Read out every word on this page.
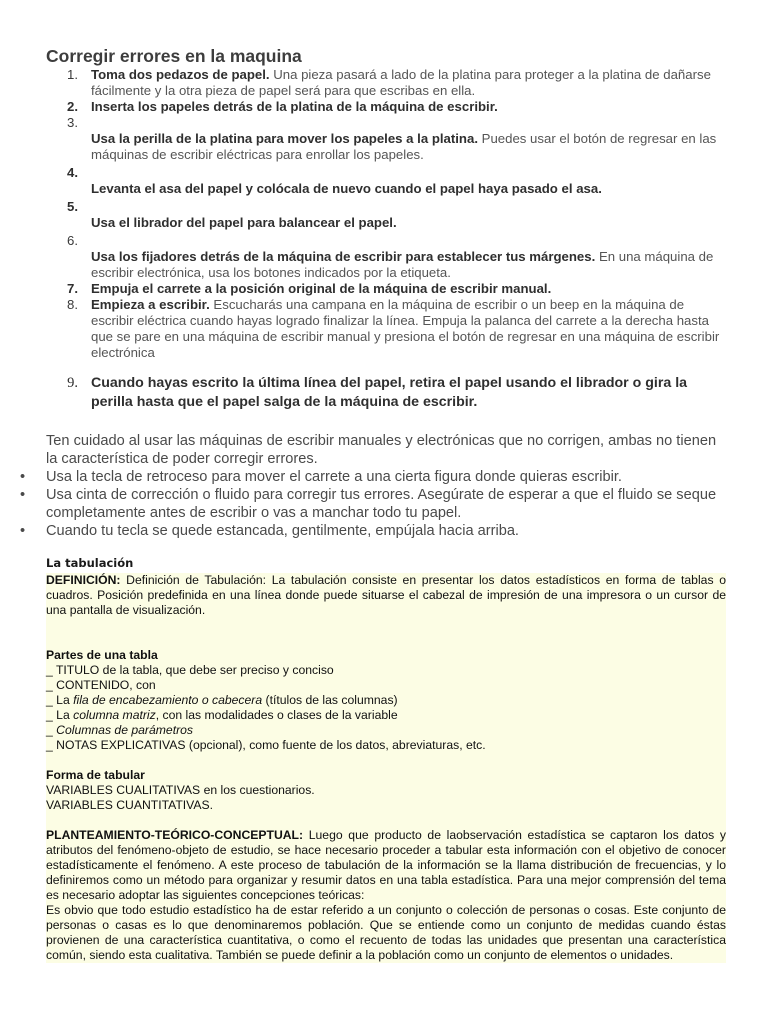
Corregir errores en la maquina
1. Toma dos pedazos de papel. Una pieza pasará a lado de la platina para proteger a la platina de dañarse fácilmente y la otra pieza de papel será para que escribas en ella.
2. Inserta los papeles detrás de la platina de la máquina de escribir.
3.
Usa la perilla de la platina para mover los papeles a la platina. Puedes usar el botón de regresar en las máquinas de escribir eléctricas para enrollar los papeles.
4.
Levanta el asa del papel y colócala de nuevo cuando el papel haya pasado el asa.
5.
Usa el librador del papel para balancear el papel.
6.
Usa los fijadores detrás de la máquina de escribir para establecer tus márgenes. En una máquina de escribir electrónica, usa los botones indicados por la etiqueta.
7. Empuja el carrete a la posición original de la máquina de escribir manual.
8. Empieza a escribir. Escucharás una campana en la máquina de escribir o un beep en la máquina de escribir eléctrica cuando hayas logrado finalizar la línea. Empuja la palanca del carrete a la derecha hasta que se pare en una máquina de escribir manual y presiona el botón de regresar en una máquina de escribir electrónica
9. Cuando hayas escrito la última línea del papel, retira el papel usando el librador o gira la perilla hasta que el papel salga de la máquina de escribir.
Ten cuidado al usar las máquinas de escribir manuales y electrónicas que no corrigen, ambas no tienen la característica de poder corregir errores.
• Usa la tecla de retroceso para mover el carrete a una cierta figura donde quieras escribir.
• Usa cinta de corrección o fluido para corregir tus errores. Asegúrate de esperar a que el fluido se seque completamente antes de escribir o vas a manchar todo tu papel.
• Cuando tu tecla se quede estancada, gentilmente, empújala hacia arriba.
La tabulación
DEFINICIÓN: Definición de Tabulación: La tabulación consiste en presentar los datos estadísticos en forma de tablas o cuadros. Posición predefinida en una línea donde puede situarse el cabezal de impresión de una impresora o un cursor de una pantalla de visualización.
Partes de una tabla
_ TITULO de la tabla, que debe ser preciso y conciso
_ CONTENIDO, con
_ La fila de encabezamiento o cabecera (títulos de las columnas)
_ La columna matriz, con las modalidades o clases de la variable
_ Columnas de parámetros
_ NOTAS EXPLICATIVAS (opcional), como fuente de los datos, abreviaturas, etc.
Forma de tabular
VARIABLES CUALITATIVAS en los cuestionarios.
VARIABLES CUANTITATIVAS.
PLANTEAMIENTO-TEÓRICO-CONCEPTUAL: Luego que producto de laobservación estadística se captaron los datos y atributos del fenómeno-objeto de estudio, se hace necesario proceder a tabular esta información con el objetivo de conocer estadísticamente el fenómeno. A este proceso de tabulación de la información se la llama distribución de frecuencias, y lo definiremos como un método para organizar y resumir datos en una tabla estadística. Para una mejor comprensión del tema es necesario adoptar las siguientes concepciones teóricas:
Es obvio que todo estudio estadístico ha de estar referido a un conjunto o colección de personas o cosas. Este conjunto de personas o casas es lo que denominaremos población. Que se entiende como un conjunto de medidas cuando éstas provienen de una característica cuantitativa, o como el recuento de todas las unidades que presentan una característica común, siendo esta cualitativa. También se puede definir a la población como un conjunto de elementos o unidades.
